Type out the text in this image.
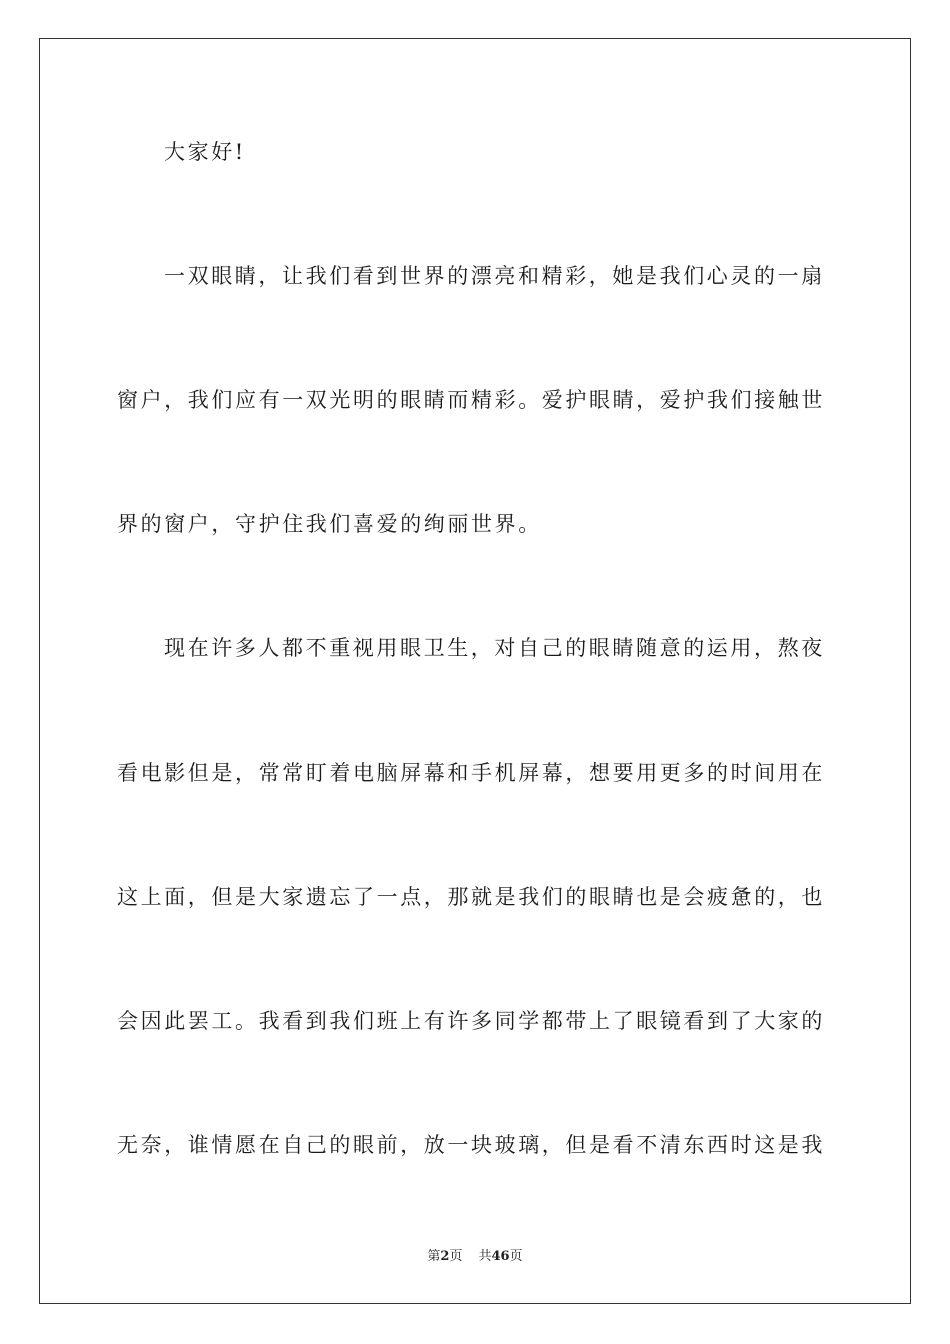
大家好!
一双眼睛，让我们看到世界的漂亮和精彩，她是我们心灵的一扇
窗户，我们应有一双光明的眼睛而精彩。爱护眼睛，爱护我们接触世
界的窗户，守护住我们喜爱的绚丽世界。
现在许多人都不重视用眼卫生，对自己的眼睛随意的运用，熬夜
看电影但是，常常盯着电脑屏幕和手机屏幕，想要用更多的时间用在
这上面，但是大家遗忘了一点，那就是我们的眼睛也是会疲惫的，也
会因此罢工。我看到我们班上有许多同学都带上了眼镜看到了大家的
无奈，谁情愿在自己的眼前，放一块玻璃，但是看不清东西时这是我
第2页 共46页
